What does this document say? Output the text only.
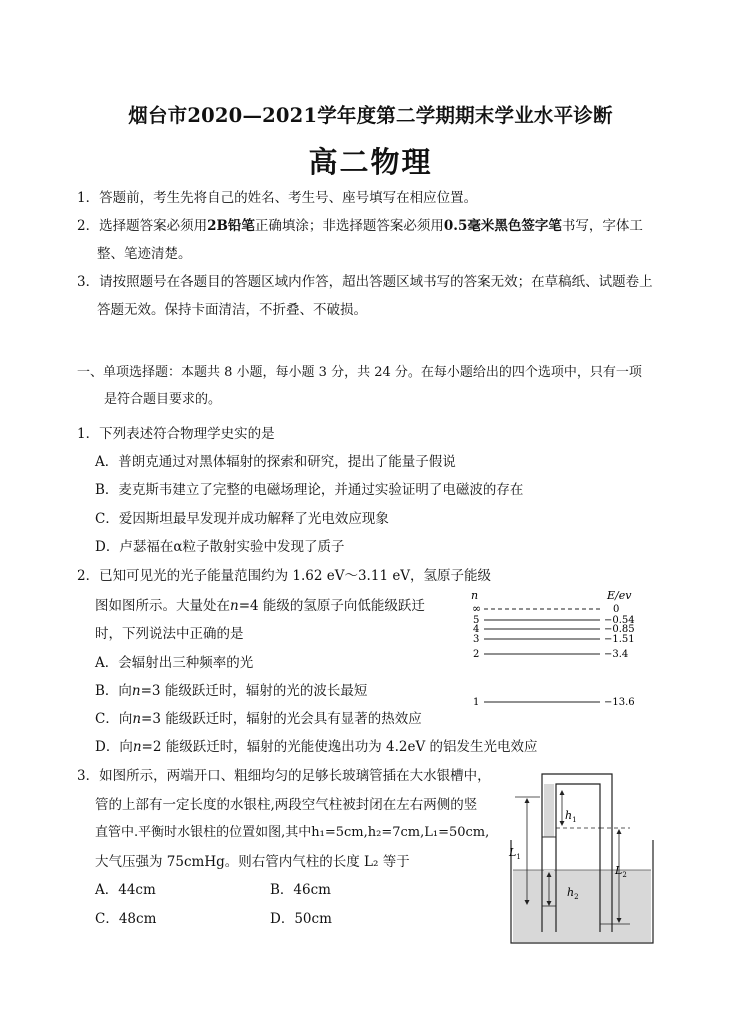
烟台市2020—2021学年度第二学期期末学业水平诊断
高二物理
1．答题前，考生先将自己的姓名、考生号、座号填写在相应位置。
2．选择题答案必须用2B铅笔正确填涂；非选择题答案必须用0.5毫米黑色签字笔书写，字体工
整、笔迹清楚。
3．请按照题号在各题目的答题区域内作答，超出答题区域书写的答案无效；在草稿纸、试题卷上
答题无效。保持卡面清洁，不折叠、不破损。
一、单项选择题：本题共 8 小题，每小题 3 分，共 24 分。在每小题给出的四个选项中，只有一项
是符合题目要求的。
1．下列表述符合物理学史实的是
A．普朗克通过对黑体辐射的探索和研究，提出了能量子假说
B．麦克斯韦建立了完整的电磁场理论，并通过实验证明了电磁波的存在
C．爱因斯坦最早发现并成功解释了光电效应现象
D．卢瑟福在α粒子散射实验中发现了质子
2．已知可见光的光子能量范围约为 1.62 eV～3.11 eV，氢原子能级
图如图所示。大量处在n=4 能级的氢原子向低能级跃迁
时，下列说法中正确的是
A．会辐射出三种频率的光
B．向n=3 能级跃迁时，辐射的光的波长最短
C．向n=3 能级跃迁时，辐射的光会具有显著的热效应
D．向n=2 能级跃迁时，辐射的光能使逸出功为 4.2eV 的铝发生光电效应
n	E/ev
∞
5
4
3
2
1
0
−0.54
−0.85
−1.51
−3.4
−13.6
3．如图所示，两端开口、粗细均匀的足够长玻璃管插在大水银槽中，
管的上部有一定长度的水银柱,两段空气柱被封闭在左右两侧的竖
直管中.平衡时水银柱的位置如图,其中h₁=5cm,h₂=7cm,L₁=50cm,
大气压强为 75cmHg。则右管内气柱的长度 L₂ 等于
A．44cm	B．46cm
C．48cm	D．50cm
$h_1$
$h_2$
$L_1$
$L_2$
